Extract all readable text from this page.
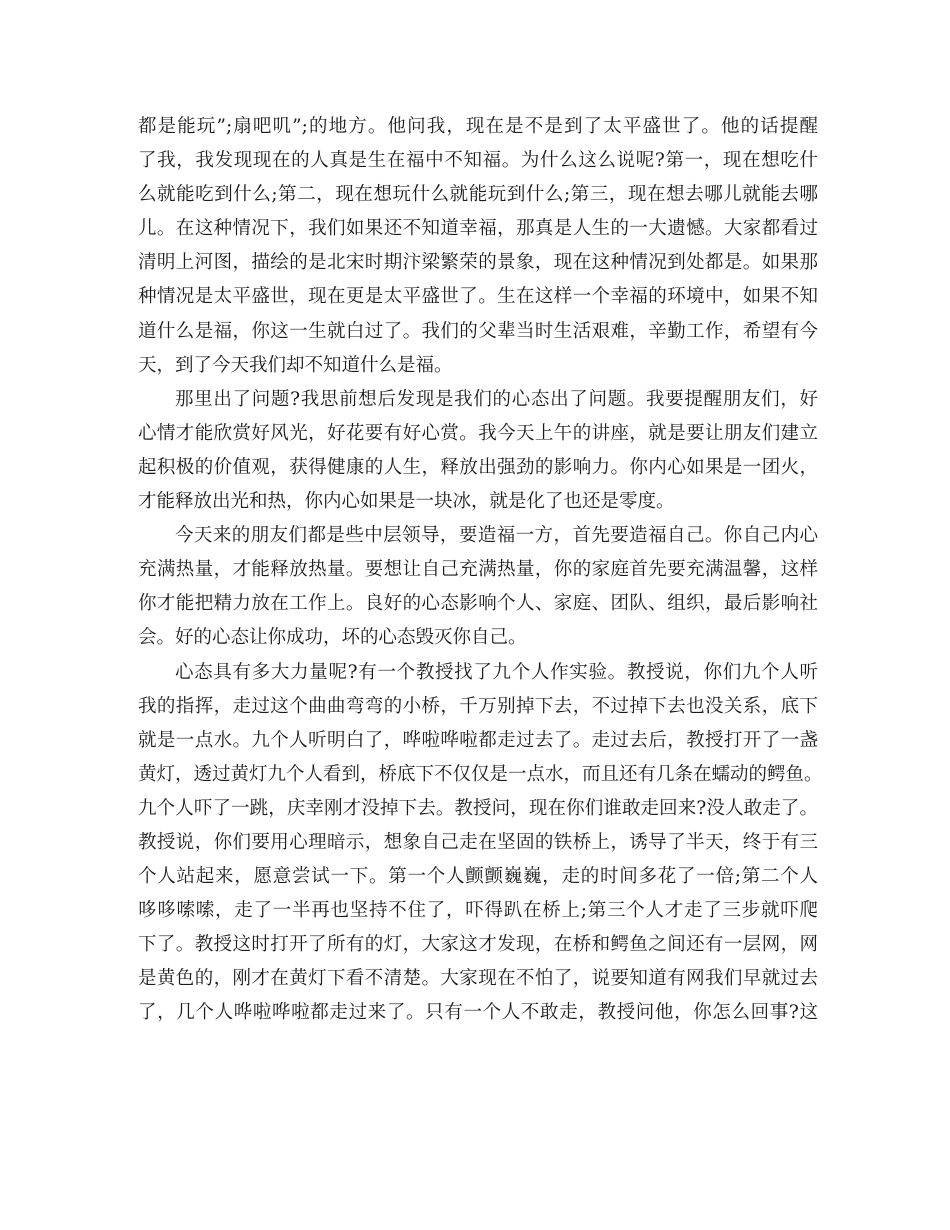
都是能玩”;扇吧叽”;的地方。他问我，现在是不是到了太平盛世了。他的话提醒
了我，我发现现在的人真是生在福中不知福。为什么这么说呢?第一，现在想吃什
么就能吃到什么;第二，现在想玩什么就能玩到什么;第三，现在想去哪儿就能去哪
儿。在这种情况下，我们如果还不知道幸福，那真是人生的一大遗憾。大家都看过
清明上河图，描绘的是北宋时期汴梁繁荣的景象，现在这种情况到处都是。如果那
种情况是太平盛世，现在更是太平盛世了。生在这样一个幸福的环境中，如果不知
道什么是福，你这一生就白过了。我们的父辈当时生活艰难，辛勤工作，希望有今
天，到了今天我们却不知道什么是福。
那里出了问题?我思前想后发现是我们的心态出了问题。我要提醒朋友们，好
心情才能欣赏好风光，好花要有好心赏。我今天上午的讲座，就是要让朋友们建立
起积极的价值观，获得健康的人生，释放出强劲的影响力。你内心如果是一团火，
才能释放出光和热，你内心如果是一块冰，就是化了也还是零度。
今天来的朋友们都是些中层领导，要造福一方，首先要造福自己。你自己内心
充满热量，才能释放热量。要想让自己充满热量，你的家庭首先要充满温馨，这样
你才能把精力放在工作上。良好的心态影响个人、家庭、团队、组织，最后影响社
会。好的心态让你成功，坏的心态毁灭你自己。
心态具有多大力量呢?有一个教授找了九个人作实验。教授说，你们九个人听
我的指挥，走过这个曲曲弯弯的小桥，千万别掉下去，不过掉下去也没关系，底下
就是一点水。九个人听明白了，哗啦哗啦都走过去了。走过去后，教授打开了一盏
黄灯，透过黄灯九个人看到，桥底下不仅仅是一点水，而且还有几条在蠕动的鳄鱼。
九个人吓了一跳，庆幸刚才没掉下去。教授问，现在你们谁敢走回来?没人敢走了。
教授说，你们要用心理暗示，想象自己走在坚固的铁桥上，诱导了半天，终于有三
个人站起来，愿意尝试一下。第一个人颤颤巍巍，走的时间多花了一倍;第二个人
哆哆嗦嗦，走了一半再也坚持不住了，吓得趴在桥上;第三个人才走了三步就吓爬
下了。教授这时打开了所有的灯，大家这才发现，在桥和鳄鱼之间还有一层网，网
是黄色的，刚才在黄灯下看不清楚。大家现在不怕了，说要知道有网我们早就过去
了，几个人哗啦哗啦都走过来了。只有一个人不敢走，教授问他，你怎么回事?这
